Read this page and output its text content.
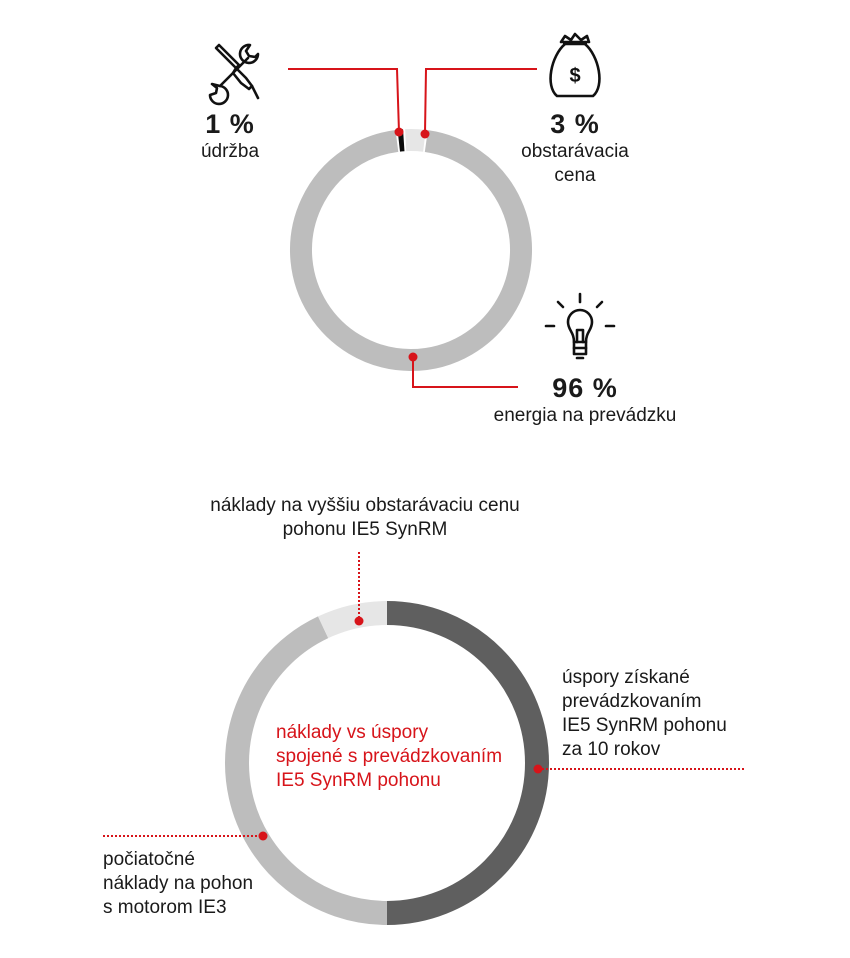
$
1 %
údržba
3 %
obstarávacia
cena
96 %
energia na prevádzku
náklady na vyššiu obstarávaciu cenu
pohonu IE5 SynRM
úspory získané
prevádzkovaním
IE5 SynRM pohonu
za 10 rokov
počiatočné
náklady na pohon
s motorom IE3
náklady vs úspory
spojené s prevádzkovaním
IE5 SynRM pohonu
